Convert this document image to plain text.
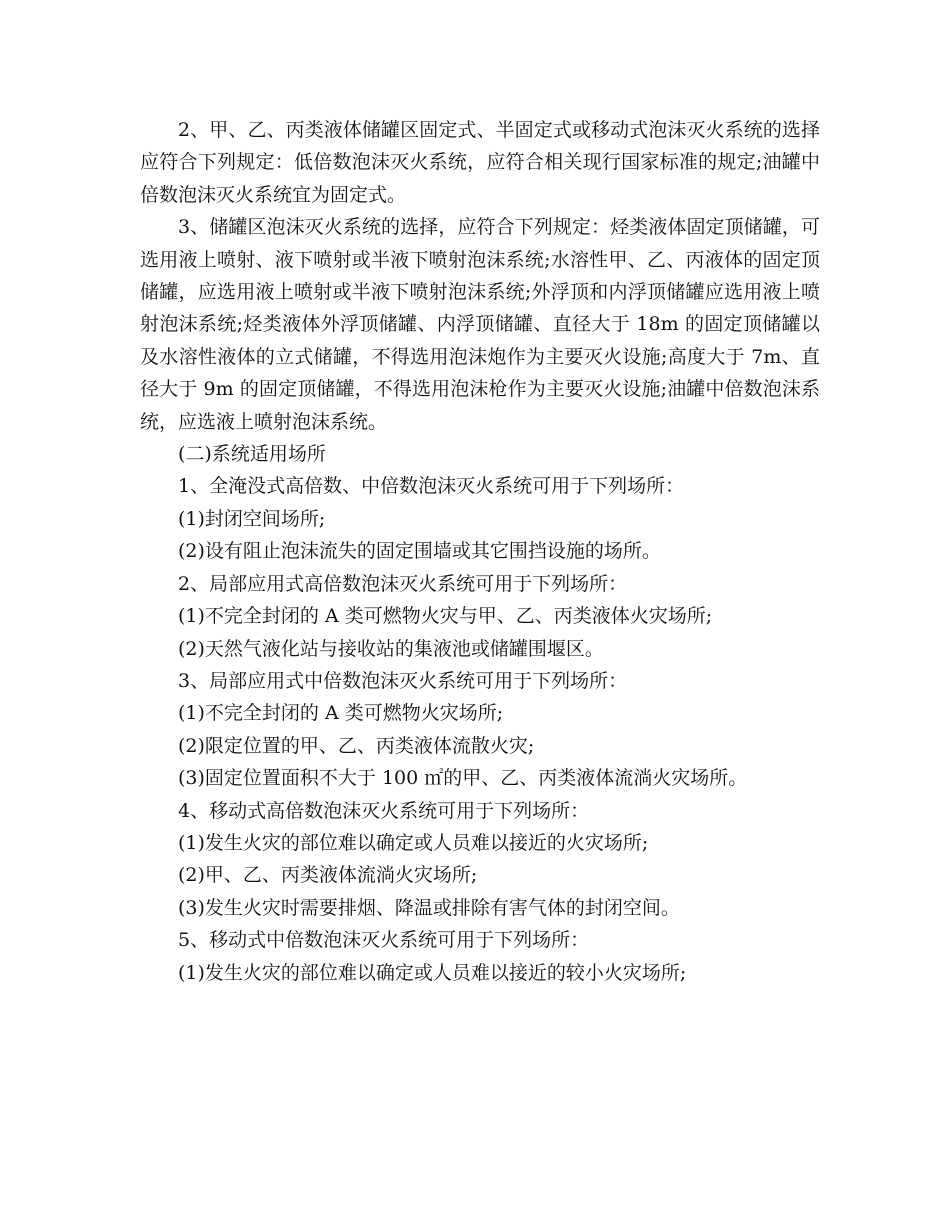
2、甲、乙、丙类液体储罐区固定式、半固定式或移动式泡沫灭火系统的选择应符合下列规定：低倍数泡沫灭火系统，应符合相关现行国家标准的规定;油罐中倍数泡沫灭火系统宜为固定式。

3、储罐区泡沫灭火系统的选择，应符合下列规定：烃类液体固定顶储罐，可选用液上喷射、液下喷射或半液下喷射泡沫系统;水溶性甲、乙、丙液体的固定顶储罐，应选用液上喷射或半液下喷射泡沫系统;外浮顶和内浮顶储罐应选用液上喷射泡沫系统;烃类液体外浮顶储罐、内浮顶储罐、直径大于 18m 的固定顶储罐以及水溶性液体的立式储罐，不得选用泡沫炮作为主要灭火设施;高度大于 7m、直径大于 9m 的固定顶储罐，不得选用泡沫枪作为主要灭火设施;油罐中倍数泡沫系统，应选液上喷射泡沫系统。

(二)系统适用场所

1、全淹没式高倍数、中倍数泡沫灭火系统可用于下列场所：

(1)封闭空间场所;

(2)设有阻止泡沫流失的固定围墙或其它围挡设施的场所。

2、局部应用式高倍数泡沫灭火系统可用于下列场所：

(1)不完全封闭的 A 类可燃物火灾与甲、乙、丙类液体火灾场所;

(2)天然气液化站与接收站的集液池或储罐围堰区。

3、局部应用式中倍数泡沫灭火系统可用于下列场所：

(1)不完全封闭的 A 类可燃物火灾场所;

(2)限定位置的甲、乙、丙类液体流散火灾;

(3)固定位置面积不大于 100 ㎡的甲、乙、丙类液体流淌火灾场所。

4、移动式高倍数泡沫灭火系统可用于下列场所：

(1)发生火灾的部位难以确定或人员难以接近的火灾场所;

(2)甲、乙、丙类液体流淌火灾场所;

(3)发生火灾时需要排烟、降温或排除有害气体的封闭空间。

5、移动式中倍数泡沫灭火系统可用于下列场所：

(1)发生火灾的部位难以确定或人员难以接近的较小火灾场所;
